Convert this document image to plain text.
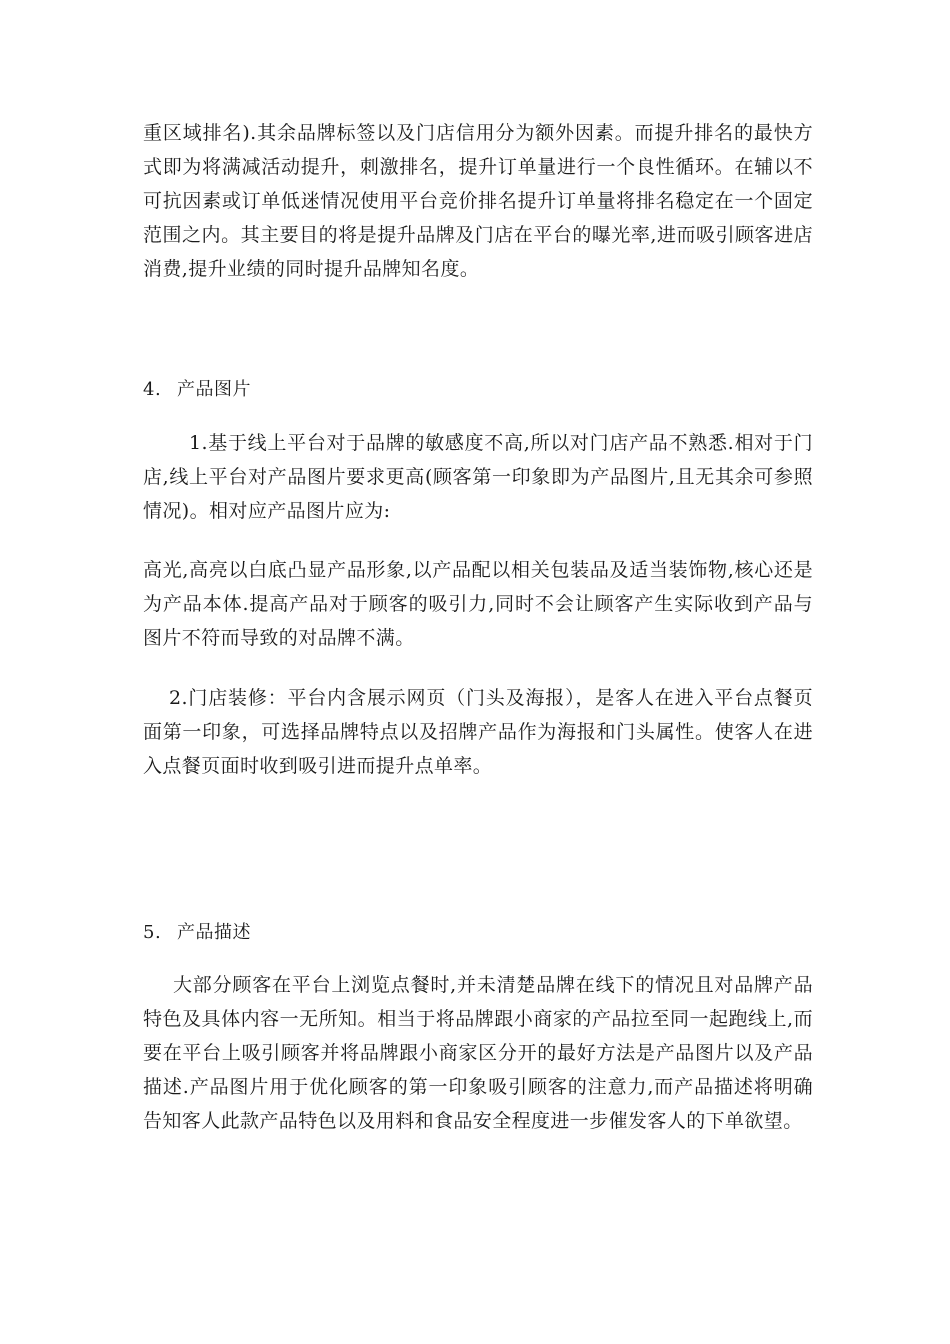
重区域排名).其余品牌标签以及门店信用分为额外因素。而提升排名的最快方式即为将满减活动提升，刺激排名，提升订单量进行一个良性循环。在辅以不可抗因素或订单低迷情况使用平台竞价排名提升订单量将排名稳定在一个固定范围之内。其主要目的将是提升品牌及门店在平台的曝光率,进而吸引顾客进店消费,提升业绩的同时提升品牌知名度。

4. 产品图片

1.基于线上平台对于品牌的敏感度不高,所以对门店产品不熟悉.相对于门店,线上平台对产品图片要求更高(顾客第一印象即为产品图片,且无其余可参照情况)。相对应产品图片应为:

高光,高亮以白底凸显产品形象,以产品配以相关包装品及适当装饰物,核心还是为产品本体.提高产品对于顾客的吸引力,同时不会让顾客产生实际收到产品与图片不符而导致的对品牌不满。

2.门店装修：平台内含展示网页（门头及海报），是客人在进入平台点餐页面第一印象，可选择品牌特点以及招牌产品作为海报和门头属性。使客人在进入点餐页面时收到吸引进而提升点单率。

5. 产品描述

大部分顾客在平台上浏览点餐时,并未清楚品牌在线下的情况且对品牌产品特色及具体内容一无所知。相当于将品牌跟小商家的产品拉至同一起跑线上,而要在平台上吸引顾客并将品牌跟小商家区分开的最好方法是产品图片以及产品描述.产品图片用于优化顾客的第一印象吸引顾客的注意力,而产品描述将明确告知客人此款产品特色以及用料和食品安全程度进一步催发客人的下单欲望。
